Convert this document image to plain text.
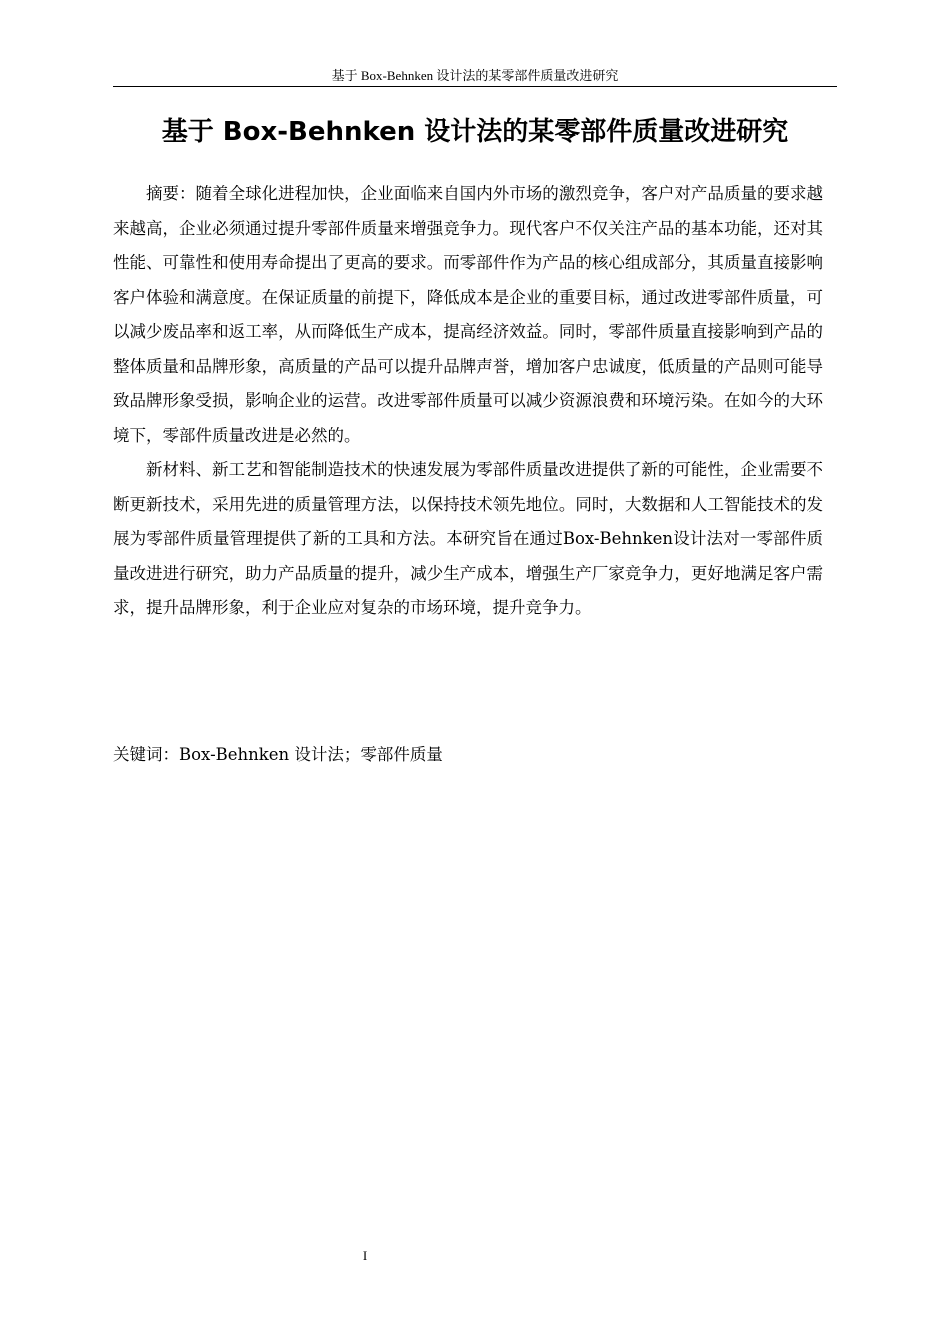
基于 Box-Behnken 设计法的某零部件质量改进研究
基于 Box-Behnken 设计法的某零部件质量改进研究

摘要：随着全球化进程加快，企业面临来自国内外市场的激烈竞争，客户对产品质量的要求越来越高，企业必须通过提升零部件质量来增强竞争力。现代客户不仅关注产品的基本功能，还对其性能、可靠性和使用寿命提出了更高的要求。而零部件作为产品的核心组成部分，其质量直接影响客户体验和满意度。在保证质量的前提下，降低成本是企业的重要目标，通过改进零部件质量，可以减少废品率和返工率，从而降低生产成本，提高经济效益。同时，零部件质量直接影响到产品的整体质量和品牌形象，高质量的产品可以提升品牌声誉，增加客户忠诚度，低质量的产品则可能导致品牌形象受损，影响企业的运营。改进零部件质量可以减少资源浪费和环境污染。在如今的大环境下，零部件质量改进是必然的。

新材料、新工艺和智能制造技术的快速发展为零部件质量改进提供了新的可能性，企业需要不断更新技术，采用先进的质量管理方法，以保持技术领先地位。同时，大数据和人工智能技术的发展为零部件质量管理提供了新的工具和方法。本研究旨在通过Box-Behnken设计法对一零部件质量改进进行研究，助力产品质量的提升，减少生产成本，增强生产厂家竞争力，更好地满足客户需求，提升品牌形象，利于企业应对复杂的市场环境，提升竞争力。

关键词：Box-Behnken 设计法；零部件质量
I
